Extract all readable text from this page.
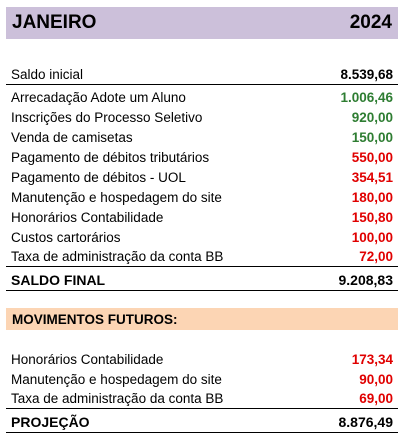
JANEIRO	2024
Saldo inicial	8.539,68
Arrecadação Adote um Aluno	1.006,46
Inscrições do Processo Seletivo	920,00
Venda de camisetas	150,00
Pagamento de débitos tributários	550,00
Pagamento de débitos - UOL	354,51
Manutenção e hospedagem do site	180,00
Honorários Contabilidade	150,80
Custos cartorários	100,00
Taxa de administração da conta BB	72,00
SALDO FINAL	9.208,83
MOVIMENTOS FUTUROS:
Honorários Contabilidade	173,34
Manutenção e hospedagem do site	90,00
Taxa de administração da conta BB	69,00
PROJEÇÃO	8.876,49
